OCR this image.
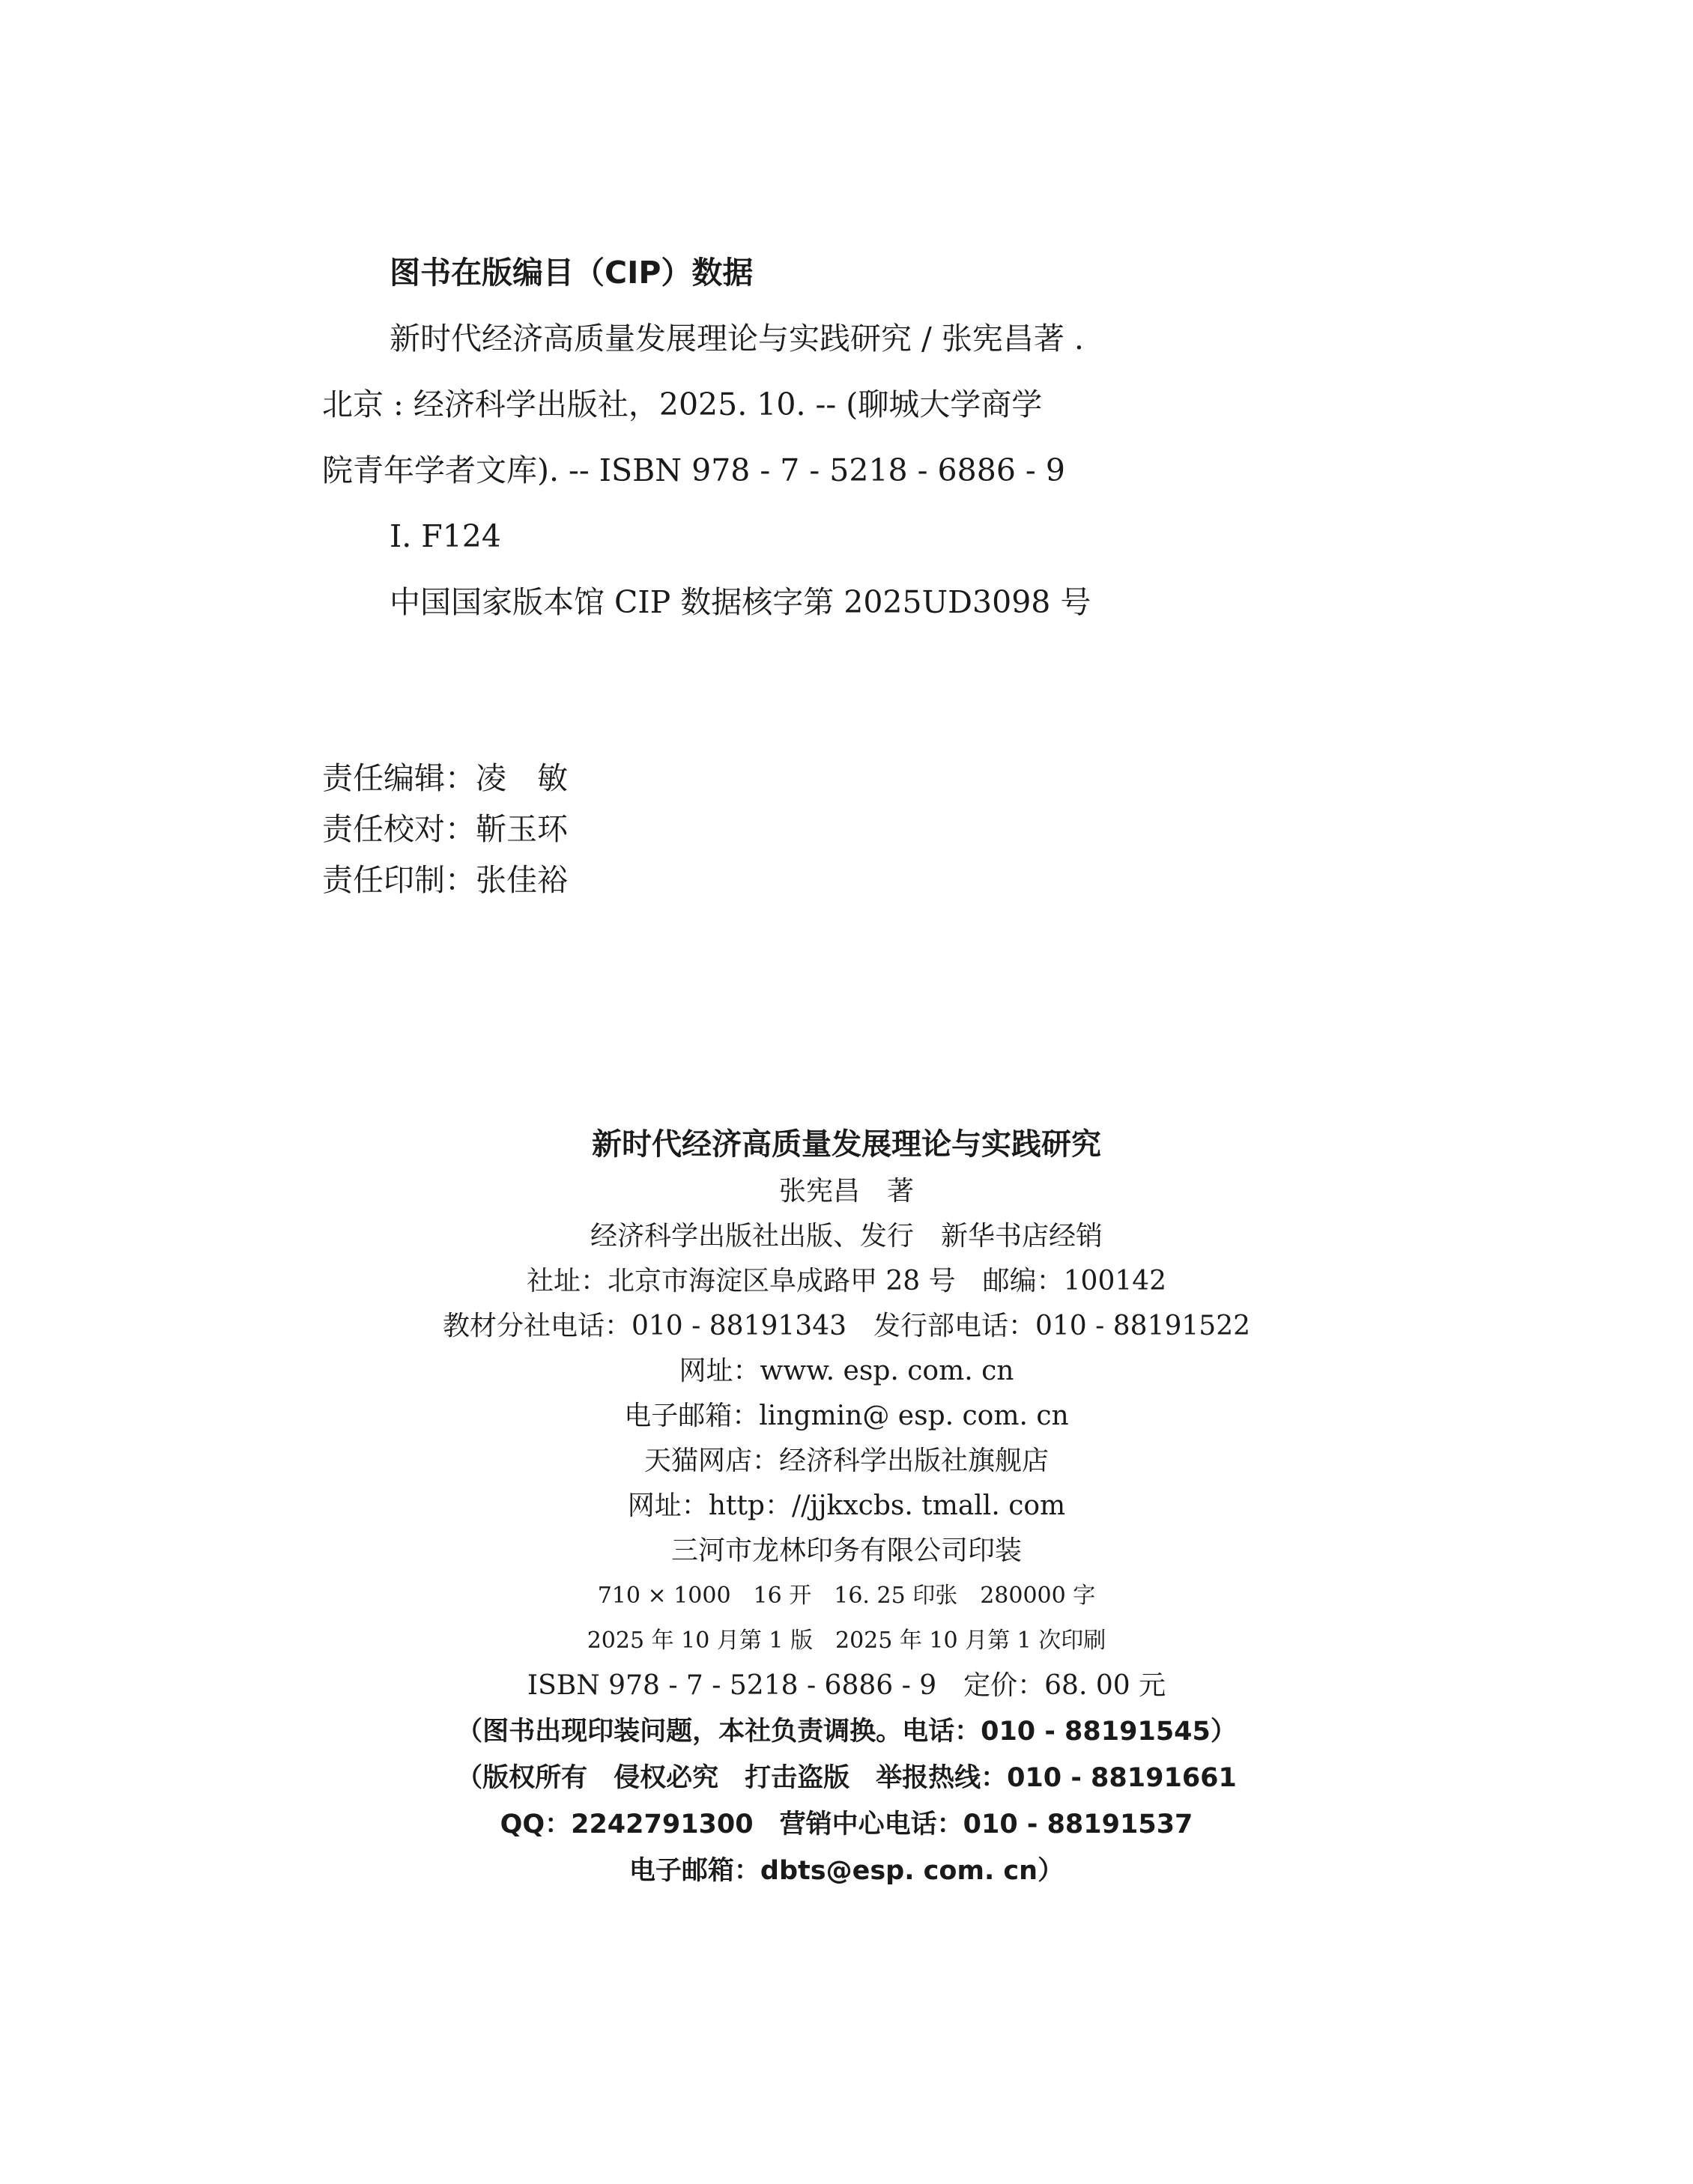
图书在版编目（CIP）数据

新时代经济高质量发展理论与实践研究 / 张宪昌著 .

北京 : 经济科学出版社，2025. 10. -- (聊城大学商学

院青年学者文库). -- ISBN 978 - 7 - 5218 - 6886 - 9

Ⅰ. F124

中国国家版本馆 CIP 数据核字第 2025UD3098 号

责任编辑：凌　敏

责任校对：靳玉环

责任印制：张佳裕

新时代经济高质量发展理论与实践研究

张宪昌　著

经济科学出版社出版、发行　新华书店经销

社址：北京市海淀区阜成路甲 28 号　邮编：100142

教材分社电话：010 - 88191343　发行部电话：010 - 88191522

网址：www. esp. com. cn

电子邮箱：lingmin@ esp. com. cn

天猫网店：经济科学出版社旗舰店

网址：http：//jjkxcbs. tmall. com

三河市龙林印务有限公司印装

710 × 1000　16 开　16. 25 印张　280000 字

2025 年 10 月第 1 版　2025 年 10 月第 1 次印刷

ISBN 978 - 7 - 5218 - 6886 - 9　定价：68. 00 元

（图书出现印装问题，本社负责调换。电话：010 - 88191545）

（版权所有　侵权必究　打击盗版　举报热线：010 - 88191661

QQ：2242791300　营销中心电话：010 - 88191537

电子邮箱：dbts@esp. com. cn）
